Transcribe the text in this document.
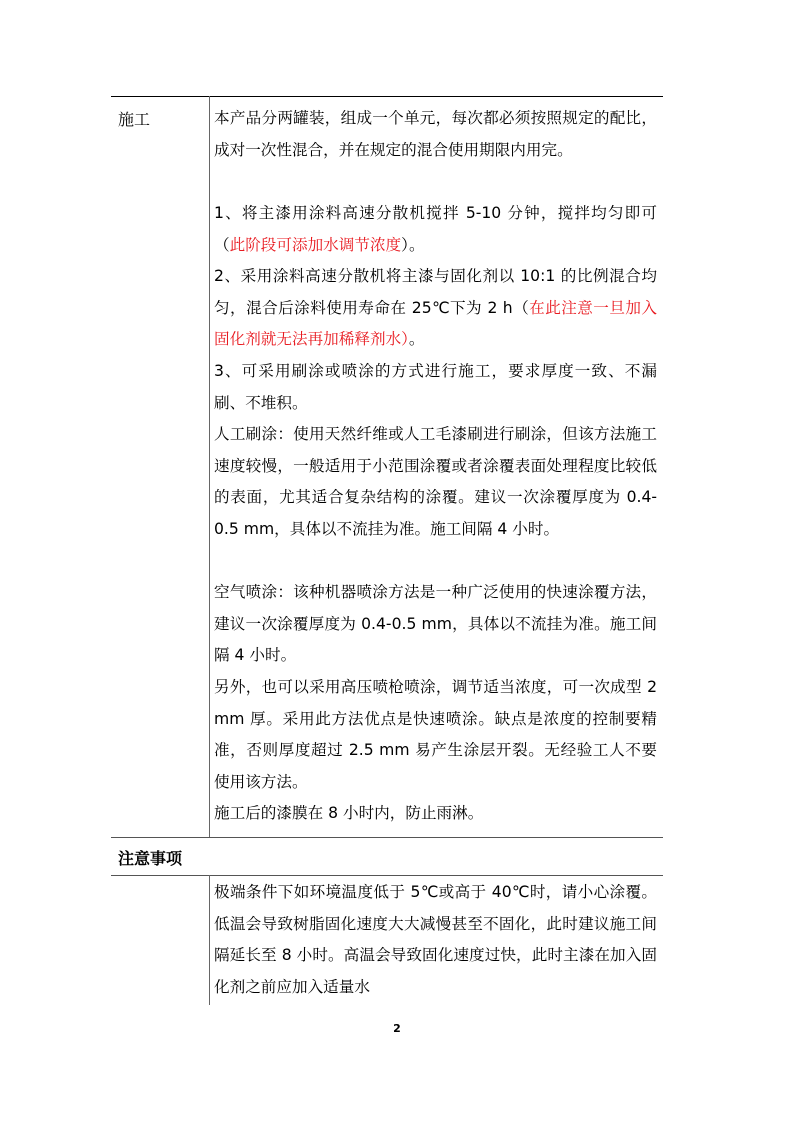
施工	本产品分两罐装，组成一个单元，每次都必须按照规定的配比，成对一次性混合，并在规定的混合使用期限内用完。

1、将主漆用涂料高速分散机搅拌 5-10 分钟，搅拌均匀即可（此阶段可添加水调节浓度）。

2、采用涂料高速分散机将主漆与固化剂以 10:1 的比例混合均匀，混合后涂料使用寿命在 25℃下为 2 h（在此注意一旦加入固化剂就无法再加稀释剂水）。

3、可采用刷涂或喷涂的方式进行施工，要求厚度一致、不漏刷、不堆积。

人工刷涂：使用天然纤维或人工毛漆刷进行刷涂，但该方法施工速度较慢，一般适用于小范围涂覆或者涂覆表面处理程度比较低的表面，尤其适合复杂结构的涂覆。建议一次涂覆厚度为 0.4-0.5 mm，具体以不流挂为准。施工间隔 4 小时。

空气喷涂：该种机器喷涂方法是一种广泛使用的快速涂覆方法，建议一次涂覆厚度为 0.4-0.5 mm，具体以不流挂为准。施工间隔 4 小时。

另外，也可以采用高压喷枪喷涂，调节适当浓度，可一次成型 2 mm 厚。采用此方法优点是快速喷涂。缺点是浓度的控制要精准，否则厚度超过 2.5 mm 易产生涂层开裂。无经验工人不要使用该方法。

施工后的漆膜在 8 小时内，防止雨淋。

注意事项

极端条件下如环境温度低于 5℃或高于 40℃时，请小心涂覆。低温会导致树脂固化速度大大减慢甚至不固化，此时建议施工间隔延长至 8 小时。高温会导致固化速度过快，此时主漆在加入固化剂之前应加入适量水

2
